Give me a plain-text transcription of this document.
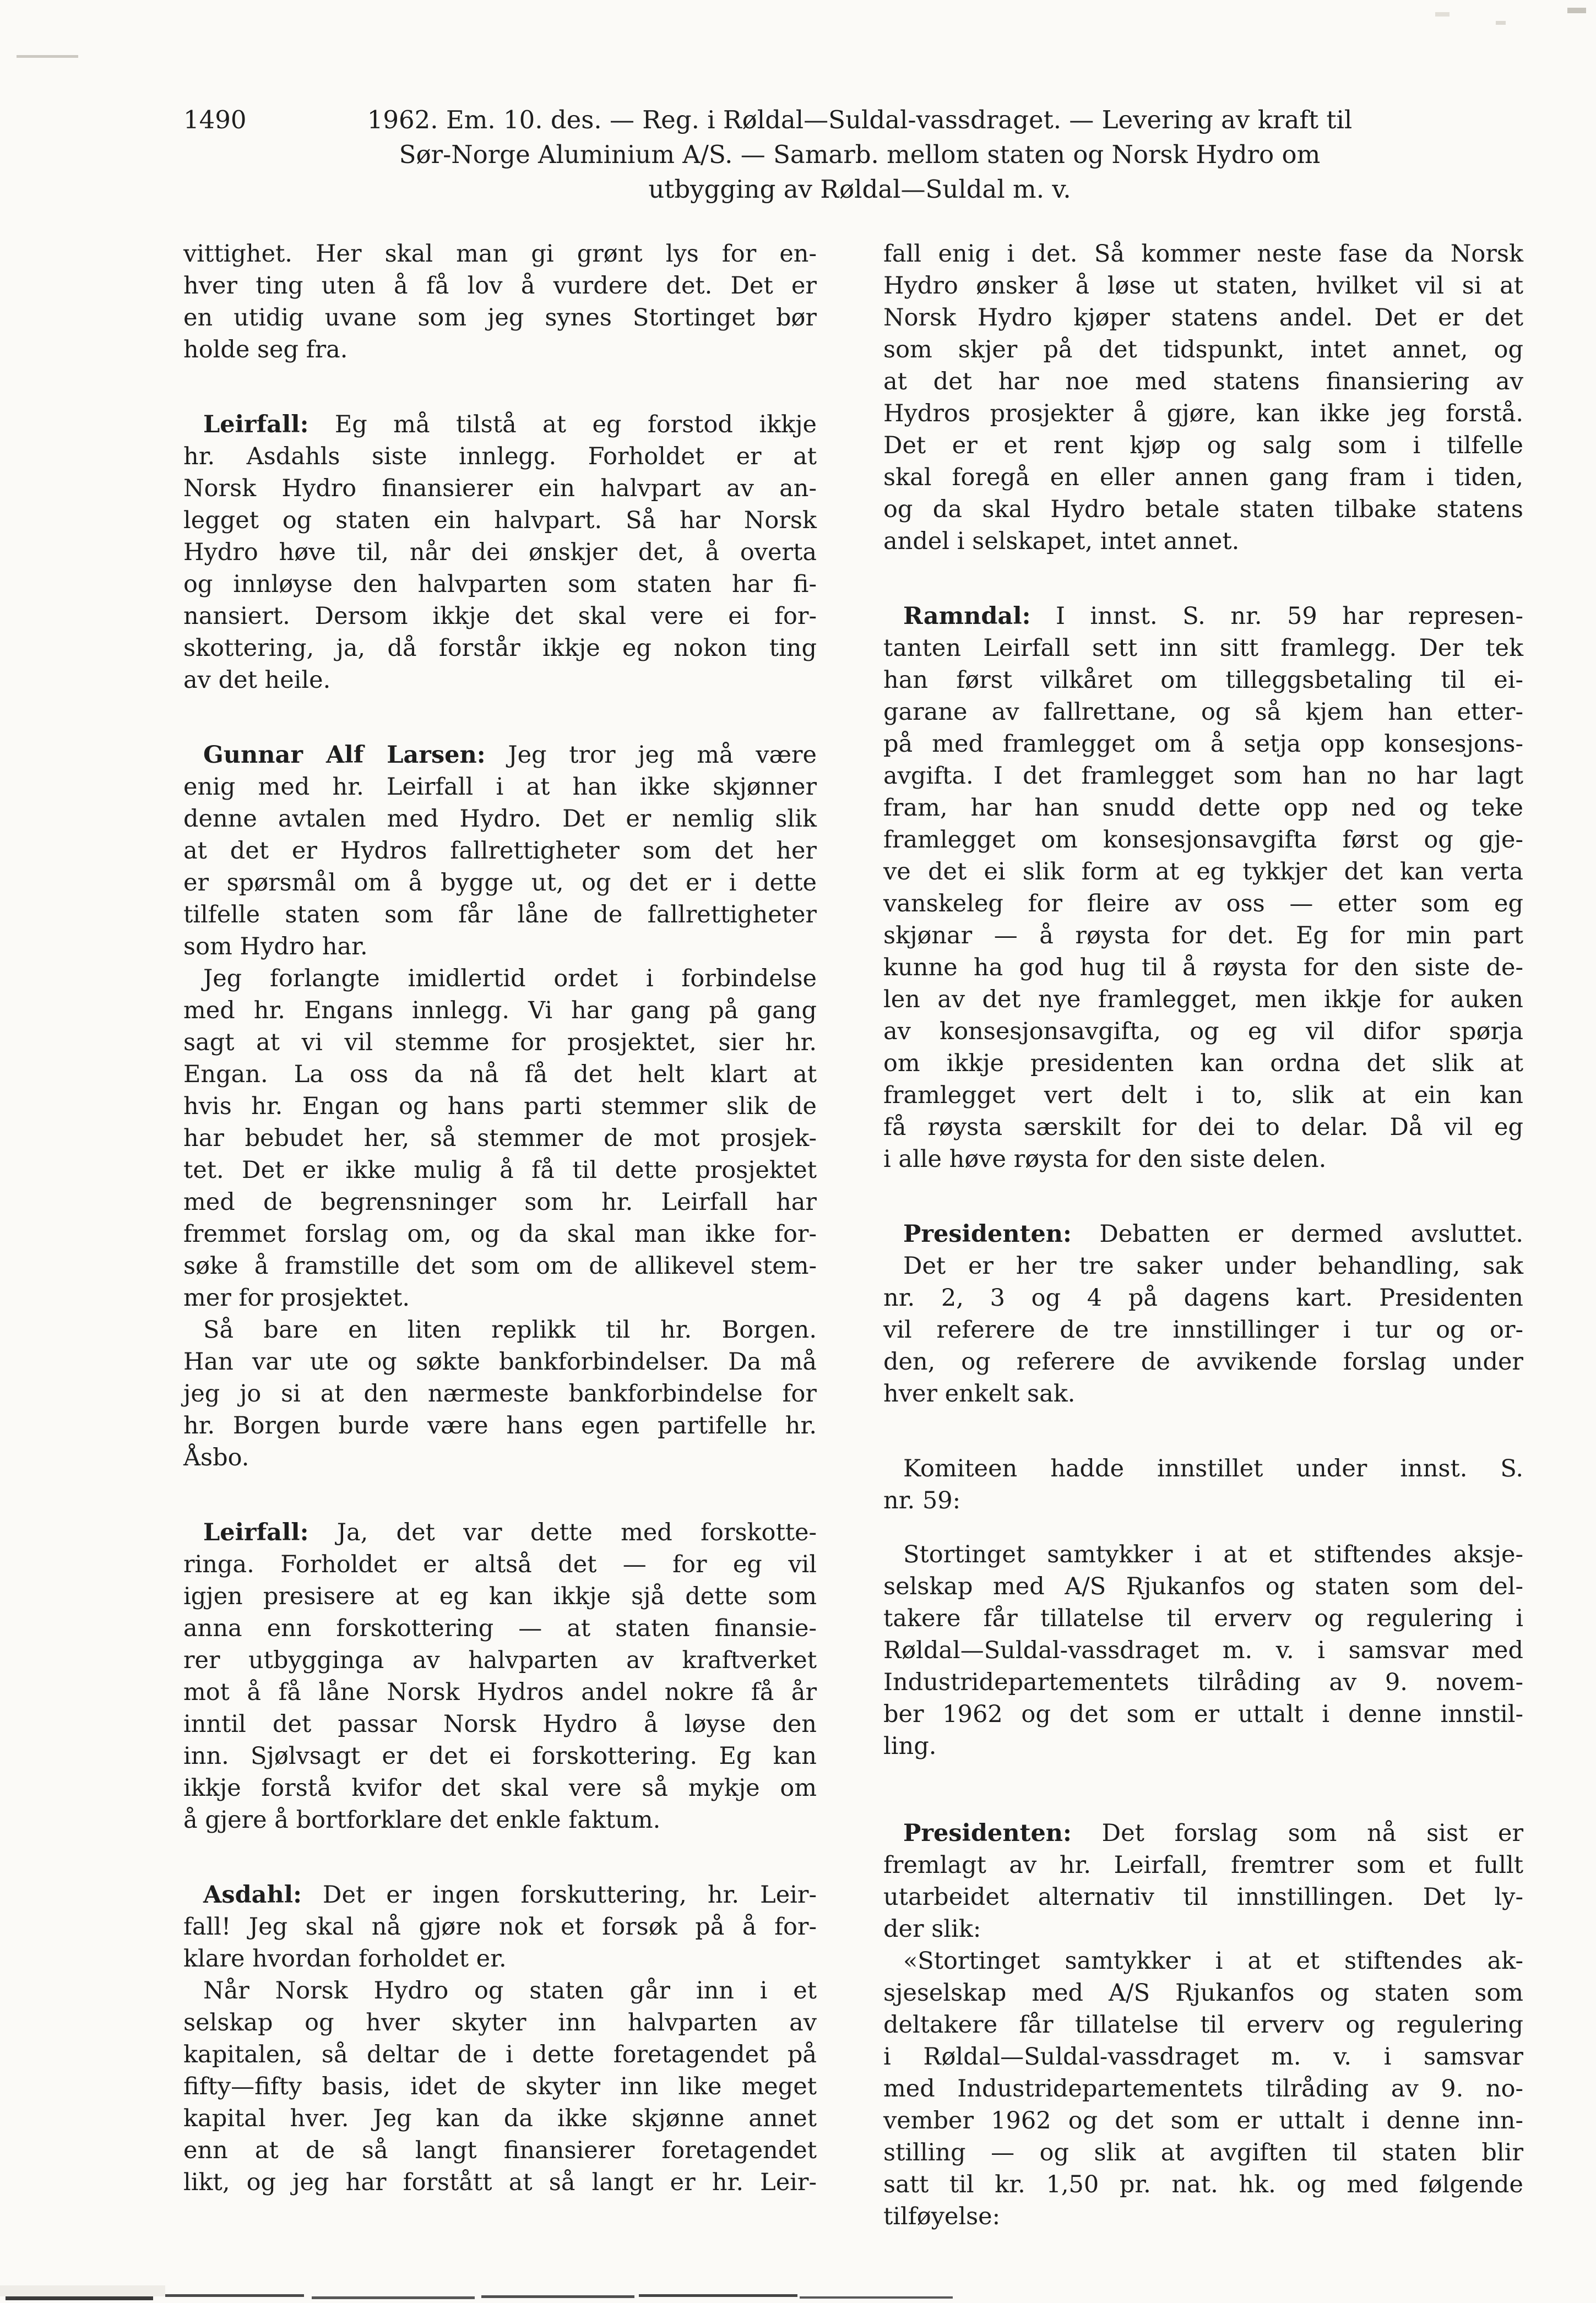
1490	1962. Em. 10. des. — Reg. i Røldal—Suldal-vassdraget. — Levering av kraft til
Sør-Norge Aluminium A/S. — Samarb. mellom staten og Norsk Hydro om
utbygging av Røldal—Suldal m. v.
vittighet. Her skal man gi grønt lys for en-
hver ting uten å få lov å vurdere det. Det er
en utidig uvane som jeg synes Stortinget bør
holde seg fra.
Leirfall: Eg må tilstå at eg forstod ikkje
hr. Asdahls siste innlegg. Forholdet er at
Norsk Hydro finansierer ein halvpart av an-
legget og staten ein halvpart. Så har Norsk
Hydro høve til, når dei ønskjer det, å overta
og innløyse den halvparten som staten har fi-
nansiert. Dersom ikkje det skal vere ei for-
skottering, ja, då forstår ikkje eg nokon ting
av det heile.
Gunnar Alf Larsen: Jeg tror jeg må være
enig med hr. Leirfall i at han ikke skjønner
denne avtalen med Hydro. Det er nemlig slik
at det er Hydros fallrettigheter som det her
er spørsmål om å bygge ut, og det er i dette
tilfelle staten som får låne de fallrettigheter
som Hydro har.
Jeg forlangte imidlertid ordet i forbindelse
med hr. Engans innlegg. Vi har gang på gang
sagt at vi vil stemme for prosjektet, sier hr.
Engan. La oss da nå få det helt klart at
hvis hr. Engan og hans parti stemmer slik de
har bebudet her, så stemmer de mot prosjek-
tet. Det er ikke mulig å få til dette prosjektet
med de begrensninger som hr. Leirfall har
fremmet forslag om, og da skal man ikke for-
søke å framstille det som om de allikevel stem-
mer for prosjektet.
Så bare en liten replikk til hr. Borgen.
Han var ute og søkte bankforbindelser. Da må
jeg jo si at den nærmeste bankforbindelse for
hr. Borgen burde være hans egen partifelle hr.
Åsbo.
Leirfall: Ja, det var dette med forskotte-
ringa. Forholdet er altså det — for eg vil
igjen presisere at eg kan ikkje sjå dette som
anna enn forskottering — at staten finansie-
rer utbygginga av halvparten av kraftverket
mot å få låne Norsk Hydros andel nokre få år
inntil det passar Norsk Hydro å løyse den
inn. Sjølvsagt er det ei forskottering. Eg kan
ikkje forstå kvifor det skal vere så mykje om
å gjere å bortforklare det enkle faktum.
Asdahl: Det er ingen forskuttering, hr. Leir-
fall! Jeg skal nå gjøre nok et forsøk på å for-
klare hvordan forholdet er.
Når Norsk Hydro og staten går inn i et
selskap og hver skyter inn halvparten av
kapitalen, så deltar de i dette foretagendet på
fifty—fifty basis, idet de skyter inn like meget
kapital hver. Jeg kan da ikke skjønne annet
enn at de så langt finansierer foretagendet
likt, og jeg har forstått at så langt er hr. Leir-
fall enig i det. Så kommer neste fase da Norsk
Hydro ønsker å løse ut staten, hvilket vil si at
Norsk Hydro kjøper statens andel. Det er det
som skjer på det tidspunkt, intet annet, og
at det har noe med statens finansiering av
Hydros prosjekter å gjøre, kan ikke jeg forstå.
Det er et rent kjøp og salg som i tilfelle
skal foregå en eller annen gang fram i tiden,
og da skal Hydro betale staten tilbake statens
andel i selskapet, intet annet.
Ramndal: I innst. S. nr. 59 har represen-
tanten Leirfall sett inn sitt framlegg. Der tek
han først vilkåret om tilleggsbetaling til ei-
garane av fallrettane, og så kjem han etter-
på med framlegget om å setja opp konsesjons-
avgifta. I det framlegget som han no har lagt
fram, har han snudd dette opp ned og teke
framlegget om konsesjonsavgifta først og gje-
ve det ei slik form at eg tykkjer det kan verta
vanskeleg for fleire av oss — etter som eg
skjønar — å røysta for det. Eg for min part
kunne ha god hug til å røysta for den siste de-
len av det nye framlegget, men ikkje for auken
av konsesjonsavgifta, og eg vil difor spørja
om ikkje presidenten kan ordna det slik at
framlegget vert delt i to, slik at ein kan
få røysta særskilt for dei to delar. Då vil eg
i alle høve røysta for den siste delen.
Presidenten: Debatten er dermed avsluttet.
Det er her tre saker under behandling, sak
nr. 2, 3 og 4 på dagens kart. Presidenten
vil referere de tre innstillinger i tur og or-
den, og referere de avvikende forslag under
hver enkelt sak.
Komiteen hadde innstillet under innst. S.
nr. 59:
Stortinget samtykker i at et stiftendes aksje-
selskap med A/S Rjukanfos og staten som del-
takere får tillatelse til erverv og regulering i
Røldal—Suldal-vassdraget m. v. i samsvar med
Industridepartementets tilråding av 9. novem-
ber 1962 og det som er uttalt i denne innstil-
ling.
Presidenten: Det forslag som nå sist er
fremlagt av hr. Leirfall, fremtrer som et fullt
utarbeidet alternativ til innstillingen. Det ly-
der slik:
«Stortinget samtykker i at et stiftendes ak-
sjeselskap med A/S Rjukanfos og staten som
deltakere får tillatelse til erverv og regulering
i Røldal—Suldal-vassdraget m. v. i samsvar
med Industridepartementets tilråding av 9. no-
vember 1962 og det som er uttalt i denne inn-
stilling — og slik at avgiften til staten blir
satt til kr. 1,50 pr. nat. hk. og med følgende
tilføyelse:
